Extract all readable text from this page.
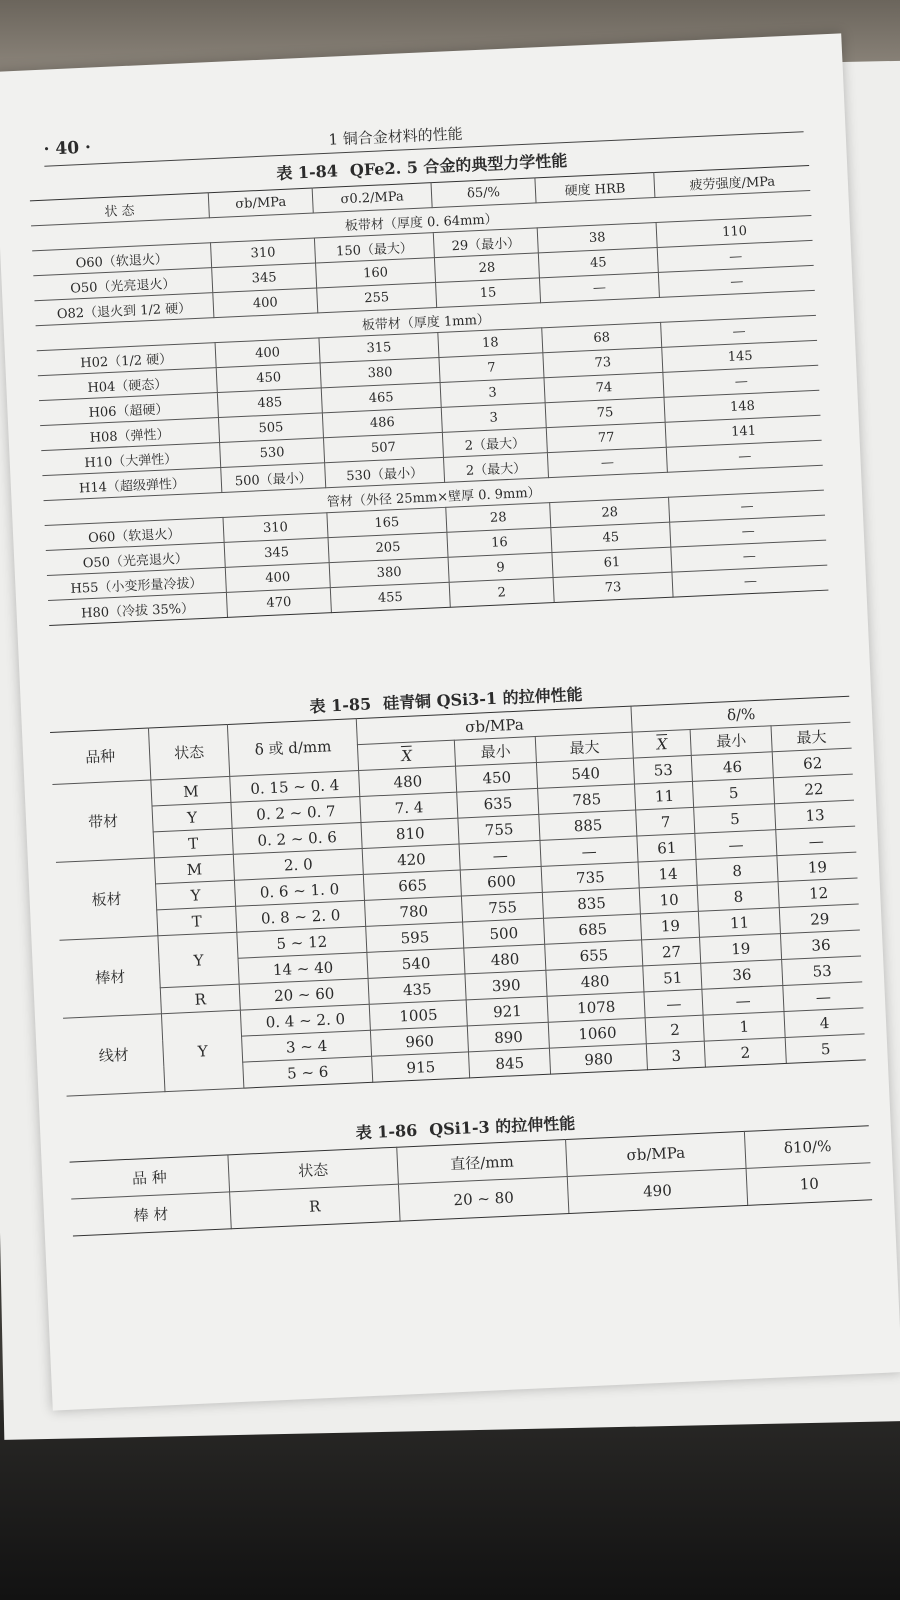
· 40 ·	1 铜合金材料的性能
表 1-84 QFe2. 5 合金的典型力学性能
状 态	σb/MPa	σ0.2/MPa	δ5/%	硬度 HRB	疲劳强度/MPa
板带材（厚度 0. 64mm）					
O60（软退火）	310	150（最大）	29（最小）	38	110
O50（光亮退火）	345	160	28	45	—
O82（退火到 1/2 硬）	400	255	15	—	—
板带材（厚度 1mm）					
H02（1/2 硬）	400	315	18	68	—
H04（硬态）	450	380	7	73	145
H06（超硬）	485	465	3	74	—
H08（弹性）	505	486	3	75	148
H10（大弹性）	530	507	2（最大）	77	141
H14（超级弹性）	500（最小）	530（最小）	2（最大）	—	—
管材（外径 25mm×壁厚 0. 9mm）					
O60（软退火）	310	165	28	28	—
O50（光亮退火）	345	205	16	45	—
H55（小变形量冷拔）	400	380	9	61	—
H80（冷拔 35%）	470	455	2	73	—
表 1-85 硅青铜 QSi3-1 的拉伸性能
品种	状态	δ 或 d/mm	σb/MPa			δ/%		
			$\overline{X}$	最小	最大	$\overline{X}$	最小	最大
带材	M	0. 15 ~ 0. 4	480	450	540	53	46	62
	Y	0. 2 ~ 0. 7	7. 4	635	785	11	5	22
	T	0. 2 ~ 0. 6	810	755	885	7	5	13
板材	M	2. 0	420	—	—	61	—	—
	Y	0. 6 ~ 1. 0	665	600	735	14	8	19
	T	0. 8 ~ 2. 0	780	755	835	10	8	12
棒材	Y	5 ~ 12	595	500	685	19	11	29
		14 ~ 40	540	480	655	27	19	36
	R	20 ~ 60	435	390	480	51	36	53
线材	Y	0. 4 ~ 2. 0	1005	921	1078	—	—	—
		3 ~ 4	960	890	1060	2	1	4
		5 ~ 6	915	845	980	3	2	5
表 1-86 QSi1-3 的拉伸性能
品 种	状态	直径/mm	σb/MPa	δ10/%
棒 材	R	20 ~ 80	490	10
